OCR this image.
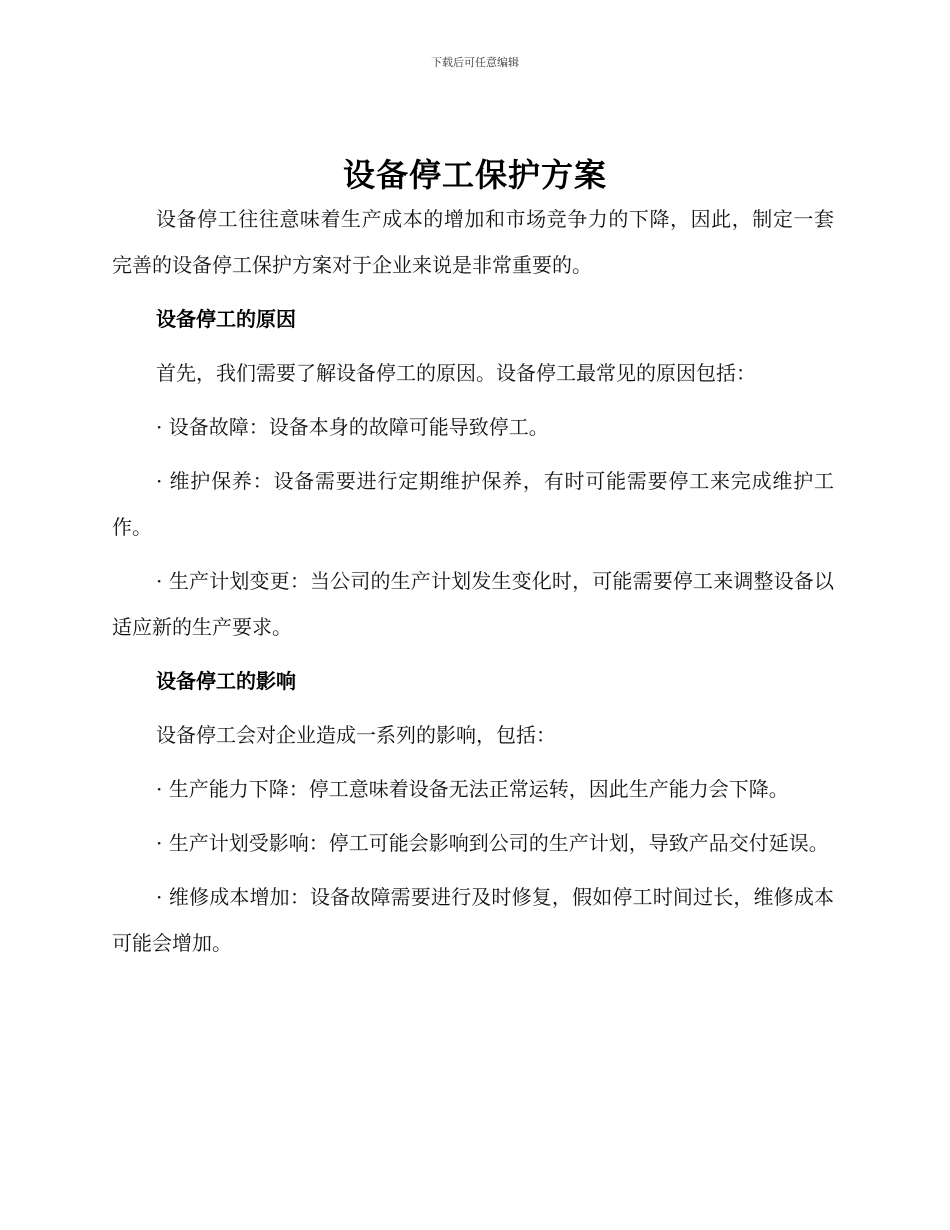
下载后可任意编辑
设备停工保护方案

设备停工往往意味着生产成本的增加和市场竞争力的下降，因此，制定一套完善的设备停工保护方案对于企业来说是非常重要的。

设备停工的原因

首先，我们需要了解设备停工的原因。设备停工最常见的原因包括：

· 设备故障：设备本身的故障可能导致停工。

· 维护保养：设备需要进行定期维护保养，有时可能需要停工来完成维护工作。

· 生产计划变更：当公司的生产计划发生变化时，可能需要停工来调整设备以适应新的生产要求。

设备停工的影响

设备停工会对企业造成一系列的影响，包括：

· 生产能力下降：停工意味着设备无法正常运转，因此生产能力会下降。

· 生产计划受影响：停工可能会影响到公司的生产计划，导致产品交付延误。

· 维修成本增加：设备故障需要进行及时修复，假如停工时间过长，维修成本可能会增加。
